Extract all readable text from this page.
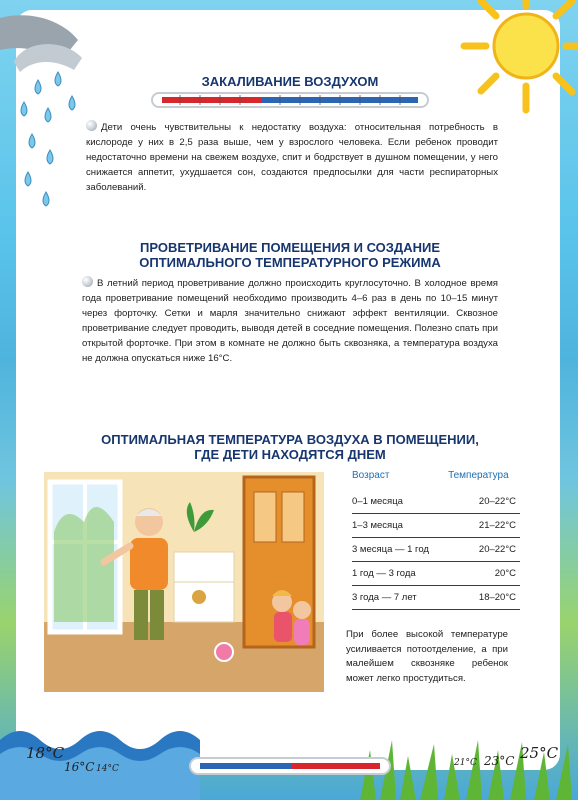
ЗАКАЛИВАНИЕ ВОЗДУХОМ

Дети очень чувствительны к недостатку воздуха: относительная потребность в кислороде у них в 2,5 раза выше, чем у взрослого человека. Если ребенок проводит недостаточно времени на свежем воздухе, спит и бодрствует в душном помещении, у него снижается аппетит, ухудшается сон, создаются предпосылки для части респираторных заболеваний.

ПРОВЕТРИВАНИЕ ПОМЕЩЕНИЯ И СОЗДАНИЕ
ОПТИМАЛЬНОГО ТЕМПЕРАТУРНОГО РЕЖИМА

В летний период проветривание должно происходить круглосуточно. В холодное время года проветривание помещений необходимо производить 4–6 раз в день по 10–15 минут через форточку. Сетки и марля значительно снижают эффект вентиляции. Сквозное проветривание следует проводить, выводя детей в соседние помещения. Полезно спать при открытой форточке. При этом в комнате не должно быть сквозняка, а температура воздуха не должна опускаться ниже 16°С.

ОПТИМАЛЬНАЯ ТЕМПЕРАТУРА ВОЗДУХА В ПОМЕЩЕНИИ,
ГДЕ ДЕТИ НАХОДЯТСЯ ДНЕМ
Возраст	Температура
0–1 месяца	20–22°С
1–3 месяца	21–22°С
3 месяца — 1 год	20–22°С
1 год — 3 года	20°С
3 года — 7 лет	18–20°С

При более высокой температуре усиливается потоотделение, а при малейшем сквозняке ребенок может легко простудиться.

18°С
16°С 14°С
21°С 23°С 25°С
